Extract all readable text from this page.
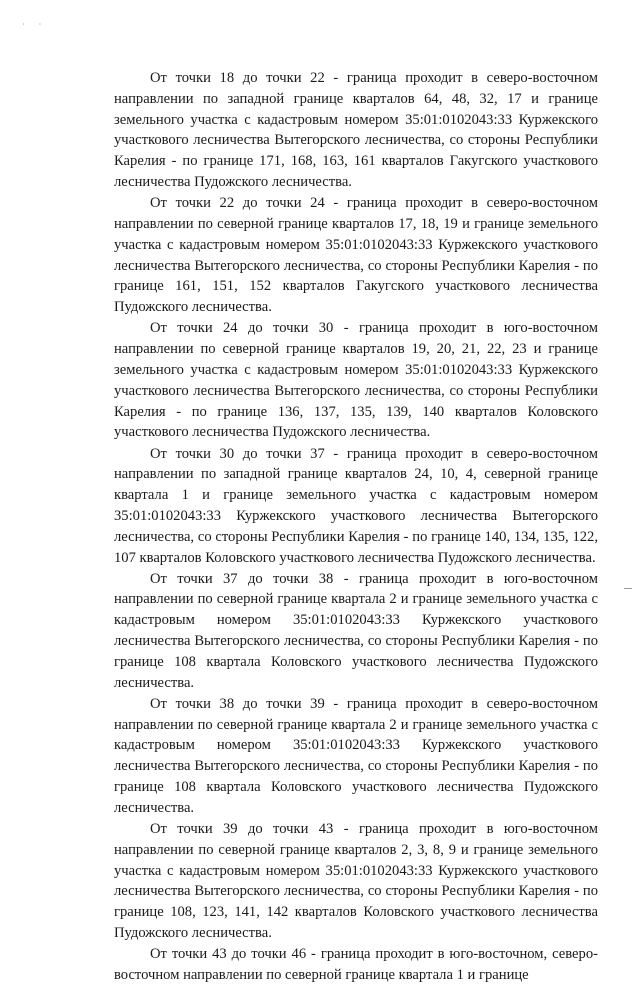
· ·

От точки 18 до точки 22 - граница проходит в северо-восточном направлении по западной границе кварталов 64, 48, 32, 17 и границе земельного участка с кадастровым номером 35:01:0102043:33 Куржекского участкового лесничества Вытегорского лесничества, со стороны Республики Карелия - по границе 171, 168, 163, 161 кварталов Гакугского участкового лесничества Пудожского лесничества.

От точки 22 до точки 24 - граница проходит в северо-восточном направлении по северной границе кварталов 17, 18, 19 и границе земельного участка с кадастровым номером 35:01:0102043:33 Куржекского участкового лесничества Вытегорского лесничества, со стороны Республики Карелия - по границе 161, 151, 152 кварталов Гакугского участкового лесничества Пудожского лесничества.

От точки 24 до точки 30 - граница проходит в юго-восточном направлении по северной границе кварталов 19, 20, 21, 22, 23 и границе земельного участка с кадастровым номером 35:01:0102043:33 Куржекского участкового лесничества Вытегорского лесничества, со стороны Республики Карелия - по границе 136, 137, 135, 139, 140 кварталов Коловского участкового лесничества Пудожского лесничества.

От точки 30 до точки 37 - граница проходит в северо-восточном направлении по западной границе кварталов 24, 10, 4, северной границе квартала 1 и границе земельного участка с кадастровым номером 35:01:0102043:33 Куржекского участкового лесничества Вытегорского лесничества, со стороны Республики Карелия - по границе 140, 134, 135, 122, 107 кварталов Коловского участкового лесничества Пудожского лесничества.

От точки 37 до точки 38 - граница проходит в юго-восточном направлении по северной границе квартала 2 и границе земельного участка с кадастровым номером 35:01:0102043:33 Куржекского участкового лесничества Вытегорского лесничества, со стороны Республики Карелия - по границе 108 квартала Коловского участкового лесничества Пудожского лесничества.

От точки 38 до точки 39 - граница проходит в северо-восточном направлении по северной границе квартала 2 и границе земельного участка с кадастровым номером 35:01:0102043:33 Куржекского участкового лесничества Вытегорского лесничества, со стороны Республики Карелия - по границе 108 квартала Коловского участкового лесничества Пудожского лесничества.

От точки 39 до точки 43 - граница проходит в юго-восточном направлении по северной границе кварталов 2, 3, 8, 9 и границе земельного участка с кадастровым номером 35:01:0102043:33 Куржекского участкового лесничества Вытегорского лесничества, со стороны Республики Карелия - по границе 108, 123, 141, 142 кварталов Коловского участкового лесничества Пудожского лесничества.

От точки 43 до точки 46 - граница проходит в юго-восточном, северо-восточном направлении по северной границе квартала 1 и границе
